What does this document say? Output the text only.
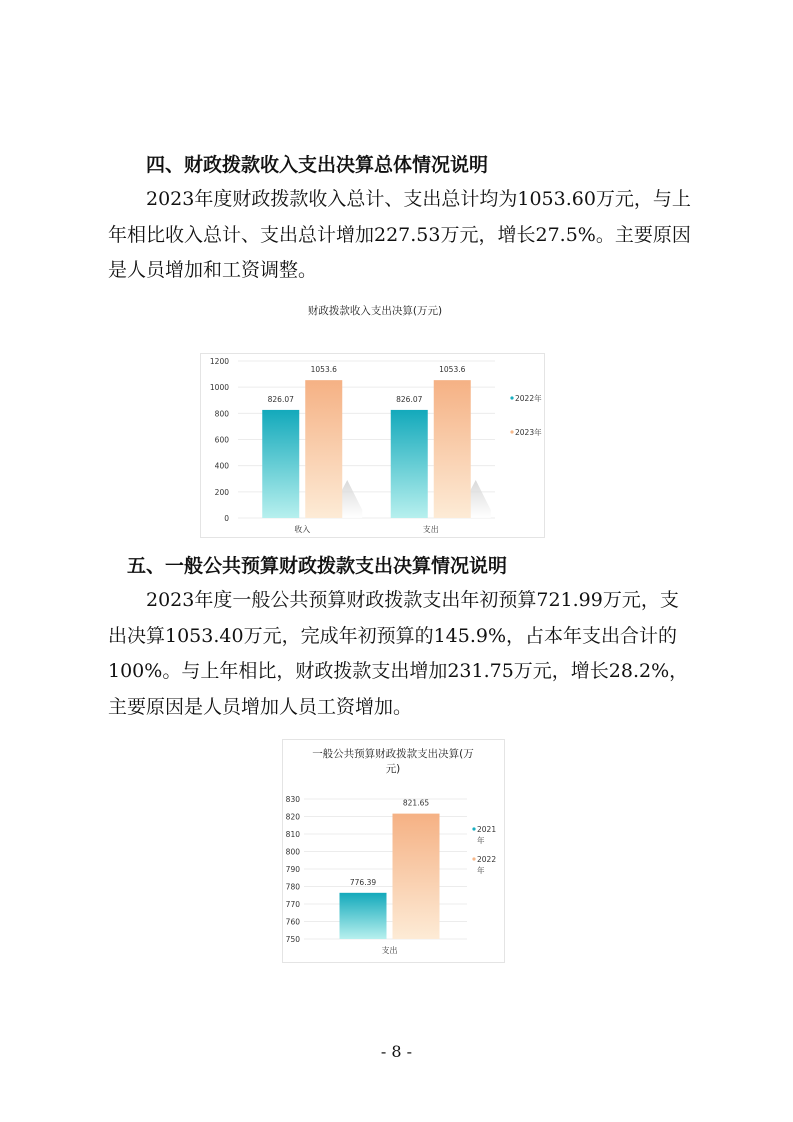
四、财政拨款收入支出决算总体情况说明

2023年度财政拨款收入总计、支出总计均为1053.60万元，与上年相比收入总计、支出总计增加227.53万元，增长27.5%。主要原因是人员增加和工资调整。

财政拨款收入支出决算(万元)
0
200
400
600
800
1000
1200
826.07
1053.6
收入
826.07
1053.6
支出
2022年
2023年
五、一般公共预算财政拨款支出决算情况说明

2023年度一般公共预算财政拨款支出年初预算721.99万元，支出决算1053.40万元，完成年初预算的145.9%，占本年支出合计的100%。与上年相比，财政拨款支出增加231.75万元，增长28.2%，主要原因是人员增加人员工资增加。

一般公共预算财政拨款支出决算(万
元)
750
760
770
780
790
800
810
820
830
776.39
821.65
支出
2021
年
2022
年
- 8 -
